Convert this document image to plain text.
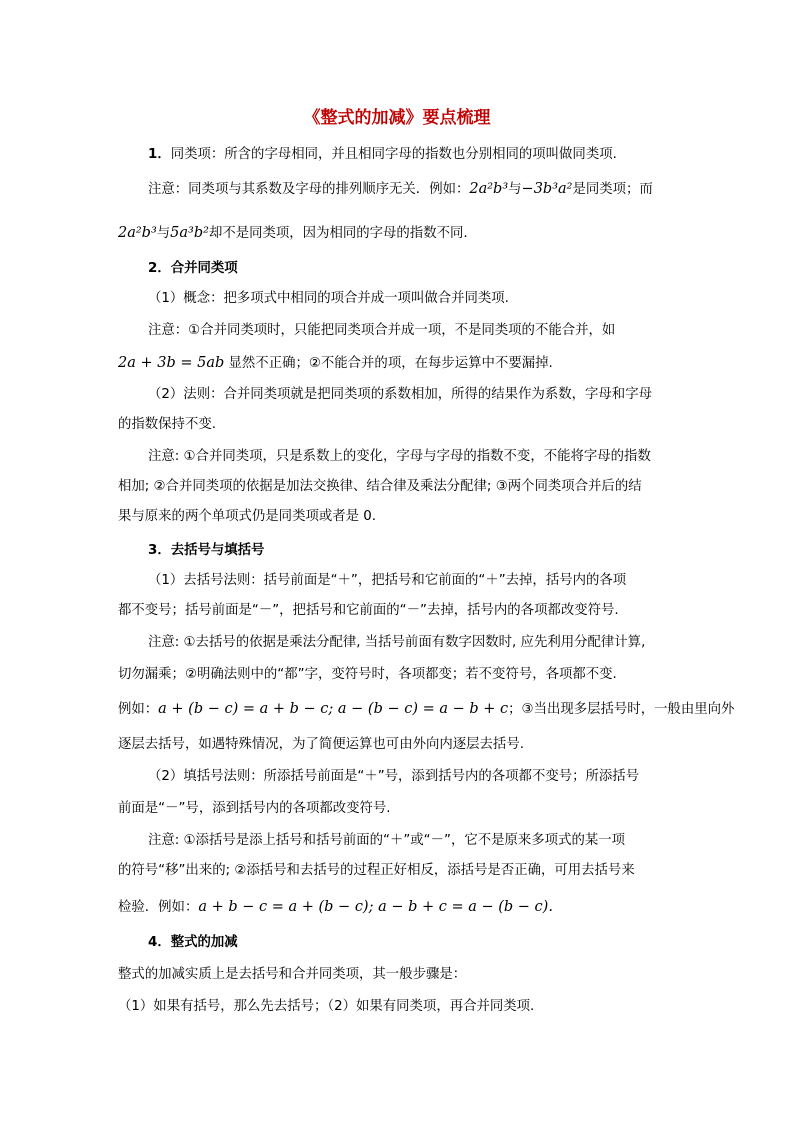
《整式的加减》要点梳理
1．同类项：所含的字母相同，并且相同字母的指数也分别相同的项叫做同类项.
注意：同类项与其系数及字母的排列顺序无关．例如：2a²b³与−3b³a²是同类项；而
2a²b³与5a³b²却不是同类项，因为相同的字母的指数不同.
2．合并同类项
（1）概念：把多项式中相同的项合并成一项叫做合并同类项.
注意：①合并同类项时，只能把同类项合并成一项，不是同类项的不能合并，如
2a + 3b = 5ab 显然不正确；②不能合并的项，在每步运算中不要漏掉.
（2）法则：合并同类项就是把同类项的系数相加，所得的结果作为系数，字母和字母
的指数保持不变.
注意: ①合并同类项，只是系数上的变化，字母与字母的指数不变，不能将字母的指数
相加; ②合并同类项的依据是加法交换律、结合律及乘法分配律; ③两个同类项合并后的结
果与原来的两个单项式仍是同类项或者是 0.
3．去括号与填括号
（1）去括号法则：括号前面是“＋”，把括号和它前面的“＋”去掉，括号内的各项
都不变号；括号前面是“－”，把括号和它前面的“－”去掉，括号内的各项都改变符号.
注意: ①去括号的依据是乘法分配律, 当括号前面有数字因数时, 应先利用分配律计算,
切勿漏乘；②明确法则中的“都”字，变符号时，各项都变；若不变符号，各项都不变.
例如：a + (b − c) = a + b − c; a − (b − c) = a − b + c；③当出现多层括号时，一般由里向外
逐层去括号，如遇特殊情况，为了简便运算也可由外向内逐层去括号.
（2）填括号法则：所添括号前面是“＋”号，添到括号内的各项都不变号；所添括号
前面是“－”号，添到括号内的各项都改变符号.
注意: ①添括号是添上括号和括号前面的“＋”或“－”，它不是原来多项式的某一项
的符号“移”出来的; ②添括号和去括号的过程正好相反，添括号是否正确，可用去括号来
检验．例如：a + b − c = a + (b − c); a − b + c = a − (b − c).
4．整式的加减
整式的加减实质上是去括号和合并同类项，其一般步骤是：
（1）如果有括号，那么先去括号；（2）如果有同类项，再合并同类项.
